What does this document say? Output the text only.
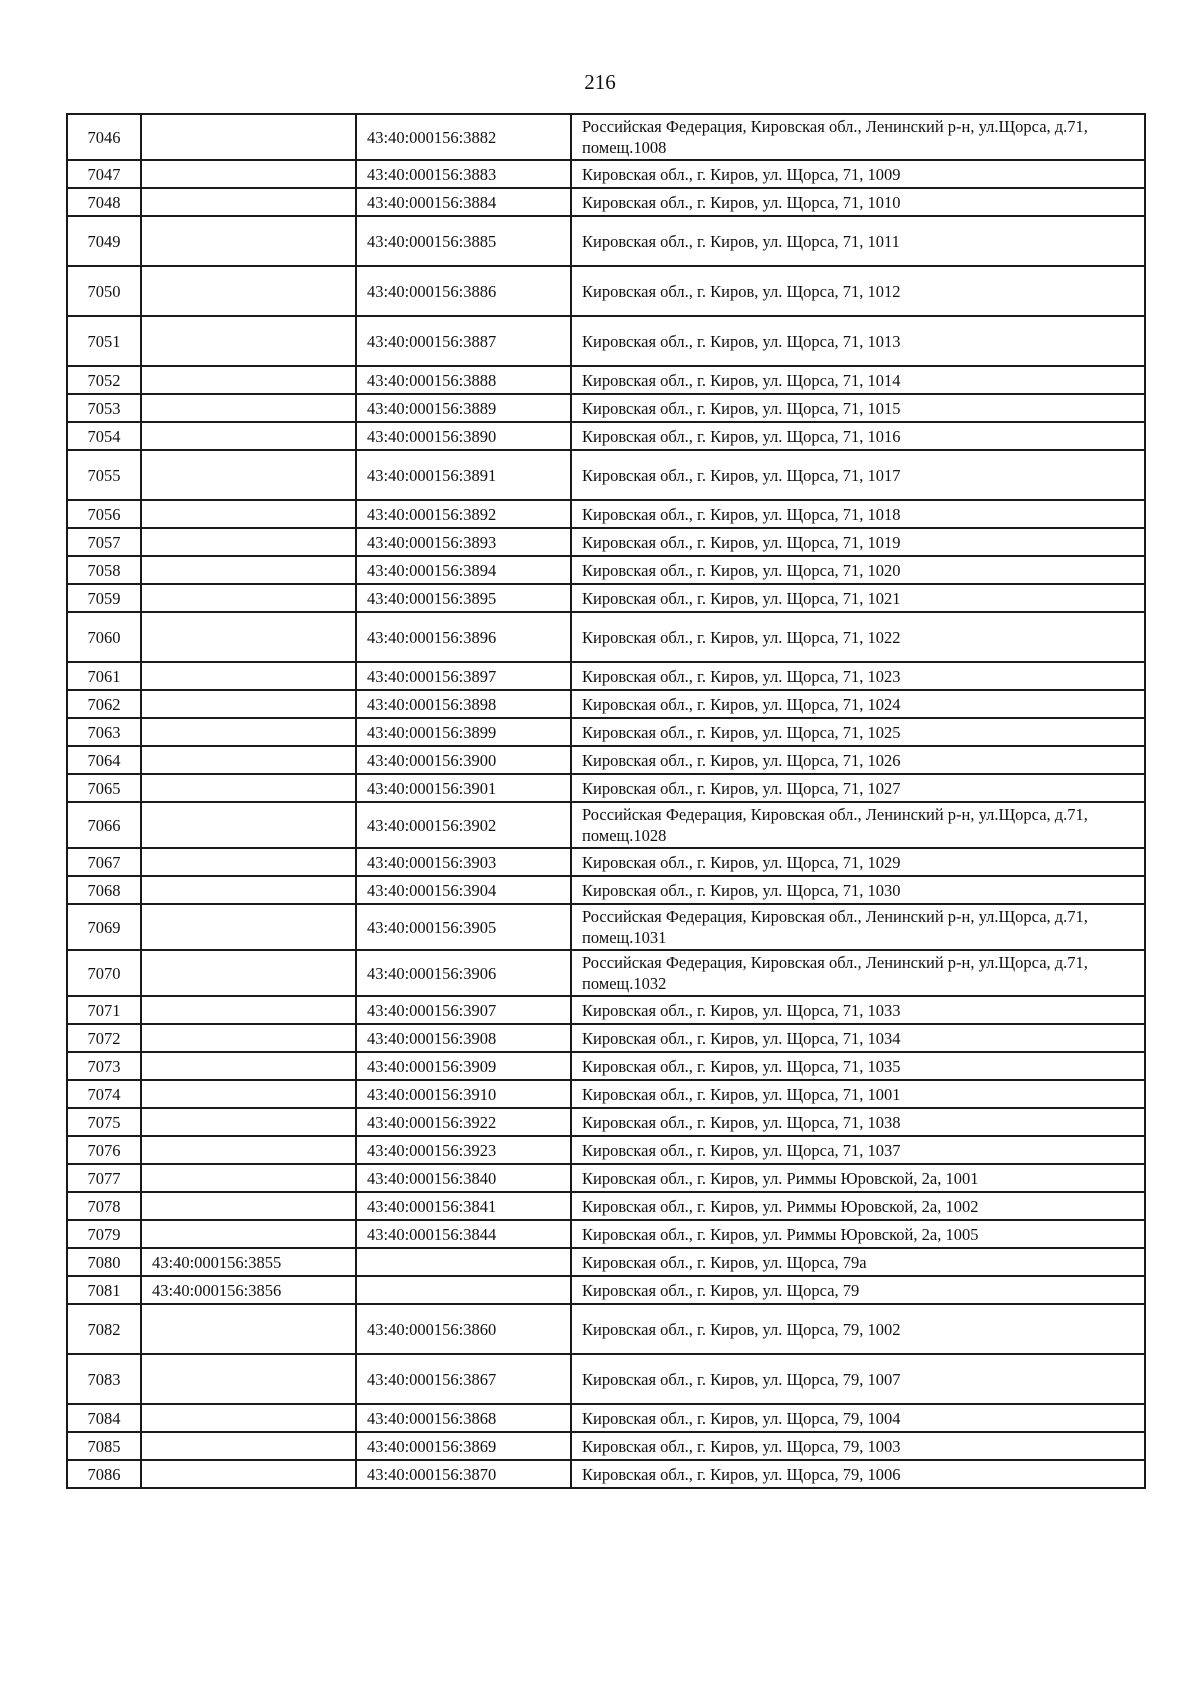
216
7046		43:40:000156:3882	Российская Федерация, Кировская обл., Ленинский р-н, ул.Щорса, д.71, помещ.1008
7047		43:40:000156:3883	Кировская обл., г. Киров, ул. Щорса, 71, 1009
7048		43:40:000156:3884	Кировская обл., г. Киров, ул. Щорса, 71, 1010
7049		43:40:000156:3885	Кировская обл., г. Киров, ул. Щорса, 71, 1011
7050		43:40:000156:3886	Кировская обл., г. Киров, ул. Щорса, 71, 1012
7051		43:40:000156:3887	Кировская обл., г. Киров, ул. Щорса, 71, 1013
7052		43:40:000156:3888	Кировская обл., г. Киров, ул. Щорса, 71, 1014
7053		43:40:000156:3889	Кировская обл., г. Киров, ул. Щорса, 71, 1015
7054		43:40:000156:3890	Кировская обл., г. Киров, ул. Щорса, 71, 1016
7055		43:40:000156:3891	Кировская обл., г. Киров, ул. Щорса, 71, 1017
7056		43:40:000156:3892	Кировская обл., г. Киров, ул. Щорса, 71, 1018
7057		43:40:000156:3893	Кировская обл., г. Киров, ул. Щорса, 71, 1019
7058		43:40:000156:3894	Кировская обл., г. Киров, ул. Щорса, 71, 1020
7059		43:40:000156:3895	Кировская обл., г. Киров, ул. Щорса, 71, 1021
7060		43:40:000156:3896	Кировская обл., г. Киров, ул. Щорса, 71, 1022
7061		43:40:000156:3897	Кировская обл., г. Киров, ул. Щорса, 71, 1023
7062		43:40:000156:3898	Кировская обл., г. Киров, ул. Щорса, 71, 1024
7063		43:40:000156:3899	Кировская обл., г. Киров, ул. Щорса, 71, 1025
7064		43:40:000156:3900	Кировская обл., г. Киров, ул. Щорса, 71, 1026
7065		43:40:000156:3901	Кировская обл., г. Киров, ул. Щорса, 71, 1027
7066		43:40:000156:3902	Российская Федерация, Кировская обл., Ленинский р-н, ул.Щорса, д.71, помещ.1028
7067		43:40:000156:3903	Кировская обл., г. Киров, ул. Щорса, 71, 1029
7068		43:40:000156:3904	Кировская обл., г. Киров, ул. Щорса, 71, 1030
7069		43:40:000156:3905	Российская Федерация, Кировская обл., Ленинский р-н, ул.Щорса, д.71, помещ.1031
7070		43:40:000156:3906	Российская Федерация, Кировская обл., Ленинский р-н, ул.Щорса, д.71, помещ.1032
7071		43:40:000156:3907	Кировская обл., г. Киров, ул. Щорса, 71, 1033
7072		43:40:000156:3908	Кировская обл., г. Киров, ул. Щорса, 71, 1034
7073		43:40:000156:3909	Кировская обл., г. Киров, ул. Щорса, 71, 1035
7074		43:40:000156:3910	Кировская обл., г. Киров, ул. Щорса, 71, 1001
7075		43:40:000156:3922	Кировская обл., г. Киров, ул. Щорса, 71, 1038
7076		43:40:000156:3923	Кировская обл., г. Киров, ул. Щорса, 71, 1037
7077		43:40:000156:3840	Кировская обл., г. Киров, ул. Риммы Юровской, 2а, 1001
7078		43:40:000156:3841	Кировская обл., г. Киров, ул. Риммы Юровской, 2а, 1002
7079		43:40:000156:3844	Кировская обл., г. Киров, ул. Риммы Юровской, 2а, 1005
7080	43:40:000156:3855		Кировская обл., г. Киров, ул. Щорса, 79а
7081	43:40:000156:3856		Кировская обл., г. Киров, ул. Щорса, 79
7082		43:40:000156:3860	Кировская обл., г. Киров, ул. Щорса, 79, 1002
7083		43:40:000156:3867	Кировская обл., г. Киров, ул. Щорса, 79, 1007
7084		43:40:000156:3868	Кировская обл., г. Киров, ул. Щорса, 79, 1004
7085		43:40:000156:3869	Кировская обл., г. Киров, ул. Щорса, 79, 1003
7086		43:40:000156:3870	Кировская обл., г. Киров, ул. Щорса, 79, 1006
